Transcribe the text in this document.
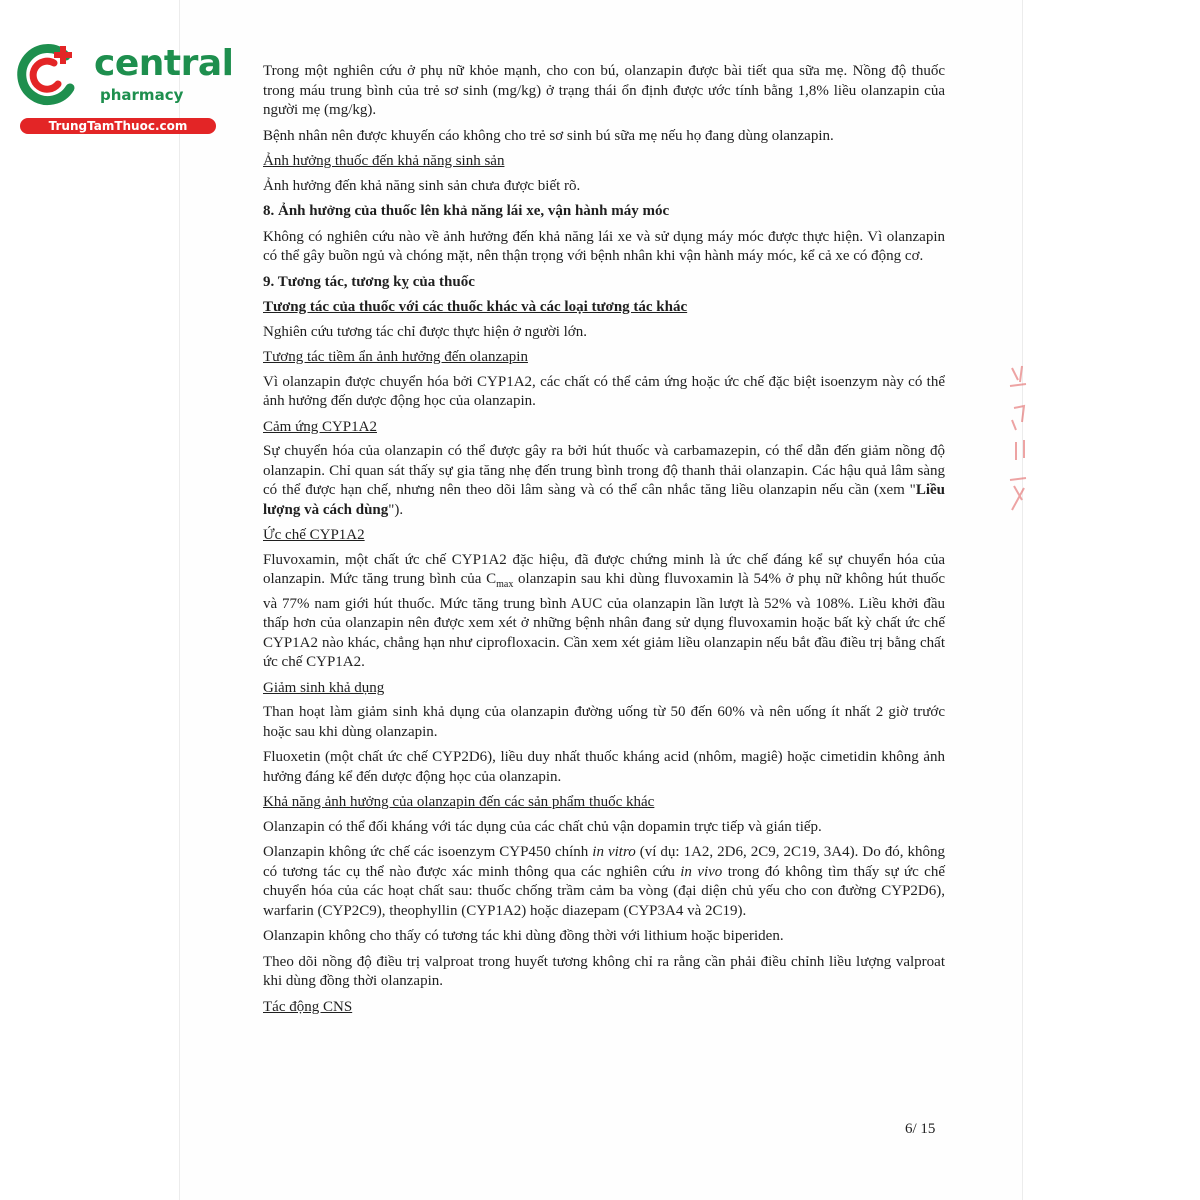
central
pharmacy
TrungTamThuoc.com

Trong một nghiên cứu ở phụ nữ khỏe mạnh, cho con bú, olanzapin được bài tiết qua sữa mẹ. Nồng độ thuốc trong máu trung bình của trẻ sơ sinh (mg/kg) ở trạng thái ổn định được ước tính bằng 1,8% liều olanzapin của người mẹ (mg/kg).

Bệnh nhân nên được khuyến cáo không cho trẻ sơ sinh bú sữa mẹ nếu họ đang dùng olanzapin.

Ảnh hưởng thuốc đến khả năng sinh sản

Ảnh hưởng đến khả năng sinh sản chưa được biết rõ.

8. Ảnh hưởng của thuốc lên khả năng lái xe, vận hành máy móc

Không có nghiên cứu nào về ảnh hưởng đến khả năng lái xe và sử dụng máy móc được thực hiện. Vì olanzapin có thể gây buồn ngủ và chóng mặt, nên thận trọng với bệnh nhân khi vận hành máy móc, kể cả xe có động cơ.

9. Tương tác, tương kỵ của thuốc

Tương tác của thuốc với các thuốc khác và các loại tương tác khác

Nghiên cứu tương tác chỉ được thực hiện ở người lớn.

Tương tác tiềm ẩn ảnh hưởng đến olanzapin

Vì olanzapin được chuyển hóa bởi CYP1A2, các chất có thể cảm ứng hoặc ức chế đặc biệt isoenzym này có thể ảnh hưởng đến dược động học của olanzapin.

Cảm ứng CYP1A2

Sự chuyển hóa của olanzapin có thể được gây ra bởi hút thuốc và carbamazepin, có thể dẫn đến giảm nồng độ olanzapin. Chỉ quan sát thấy sự gia tăng nhẹ đến trung bình trong độ thanh thải olanzapin. Các hậu quả lâm sàng có thể được hạn chế, nhưng nên theo dõi lâm sàng và có thể cân nhắc tăng liều olanzapin nếu cần (xem "Liều lượng và cách dùng").

Ức chế CYP1A2

Fluvoxamin, một chất ức chế CYP1A2 đặc hiệu, đã được chứng minh là ức chế đáng kể sự chuyển hóa của olanzapin. Mức tăng trung bình của $C_{max}$ olanzapin sau khi dùng fluvoxamin là 54% ở phụ nữ không hút thuốc và 77% nam giới hút thuốc. Mức tăng trung bình AUC của olanzapin lần lượt là 52% và 108%. Liều khởi đầu thấp hơn của olanzapin nên được xem xét ở những bệnh nhân đang sử dụng fluvoxamin hoặc bất kỳ chất ức chế CYP1A2 nào khác, chẳng hạn như ciprofloxacin. Cần xem xét giảm liều olanzapin nếu bắt đầu điều trị bằng chất ức chế CYP1A2.

Giảm sinh khả dụng

Than hoạt làm giảm sinh khả dụng của olanzapin đường uống từ 50 đến 60% và nên uống ít nhất 2 giờ trước hoặc sau khi dùng olanzapin.

Fluoxetin (một chất ức chế CYP2D6), liều duy nhất thuốc kháng acid (nhôm, magiê) hoặc cimetidin không ảnh hưởng đáng kể đến dược động học của olanzapin.

Khả năng ảnh hưởng của olanzapin đến các sản phẩm thuốc khác

Olanzapin có thể đối kháng với tác dụng của các chất chủ vận dopamin trực tiếp và gián tiếp.

Olanzapin không ức chế các isoenzym CYP450 chính in vitro (ví dụ: 1A2, 2D6, 2C9, 2C19, 3A4). Do đó, không có tương tác cụ thể nào được xác minh thông qua các nghiên cứu in vivo trong đó không tìm thấy sự ức chế chuyển hóa của các hoạt chất sau: thuốc chống trầm cảm ba vòng (đại diện chủ yếu cho con đường CYP2D6), warfarin (CYP2C9), theophyllin (CYP1A2) hoặc diazepam (CYP3A4 và 2C19).

Olanzapin không cho thấy có tương tác khi dùng đồng thời với lithium hoặc biperiden.

Theo dõi nồng độ điều trị valproat trong huyết tương không chỉ ra rằng cần phải điều chỉnh liều lượng valproat khi dùng đồng thời olanzapin.

Tác động CNS

6/ 15
